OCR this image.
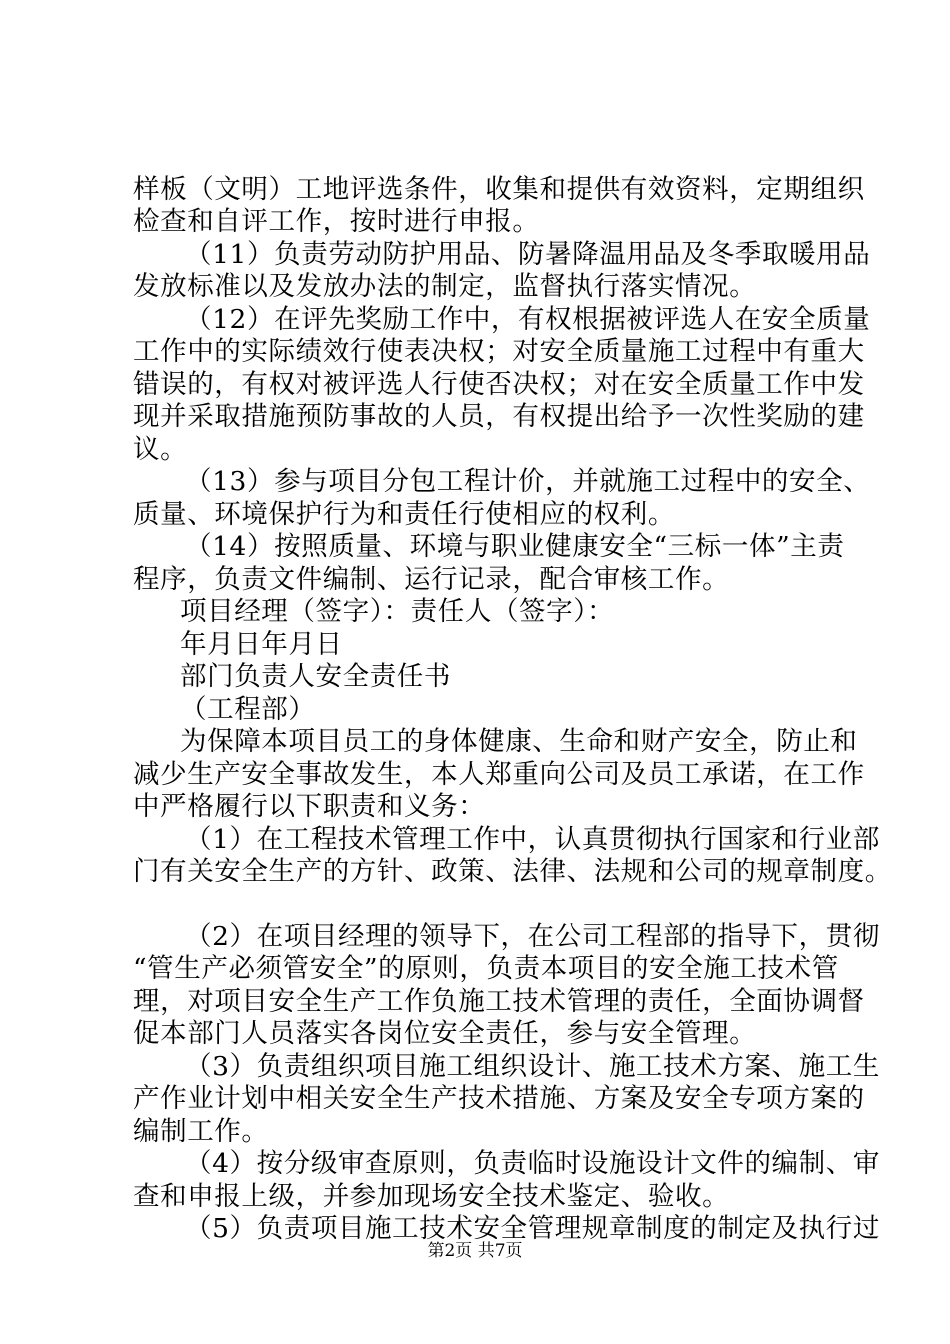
样板（文明）工地评选条件，收集和提供有效资料，定期组织
检查和自评工作，按时进行申报。
（11）负责劳动防护用品、防暑降温用品及冬季取暖用品
发放标准以及发放办法的制定，监督执行落实情况。
（12）在评先奖励工作中，有权根据被评选人在安全质量
工作中的实际绩效行使表决权；对安全质量施工过程中有重大
错误的，有权对被评选人行使否决权；对在安全质量工作中发
现并采取措施预防事故的人员，有权提出给予一次性奖励的建
议。
（13）参与项目分包工程计价，并就施工过程中的安全、
质量、环境保护行为和责任行使相应的权利。
（14）按照质量、环境与职业健康安全“三标一体”主责
程序，负责文件编制、运行记录，配合审核工作。
项目经理（签字）：责任人（签字）：
年月日年月日
部门负责人安全责任书
（工程部）
为保障本项目员工的身体健康、生命和财产安全，防止和
减少生产安全事故发生，本人郑重向公司及员工承诺，在工作
中严格履行以下职责和义务：
（1）在工程技术管理工作中，认真贯彻执行国家和行业部
门有关安全生产的方针、政策、法律、法规和公司的规章制度。
（2）在项目经理的领导下，在公司工程部的指导下，贯彻
“管生产必须管安全”的原则，负责本项目的安全施工技术管
理，对项目安全生产工作负施工技术管理的责任，全面协调督
促本部门人员落实各岗位安全责任，参与安全管理。
（3）负责组织项目施工组织设计、施工技术方案、施工生
产作业计划中相关安全生产技术措施、方案及安全专项方案的
编制工作。
（4）按分级审查原则，负责临时设施设计文件的编制、审
查和申报上级，并参加现场安全技术鉴定、验收。
（5）负责项目施工技术安全管理规章制度的制定及执行过
第2页 共7页
